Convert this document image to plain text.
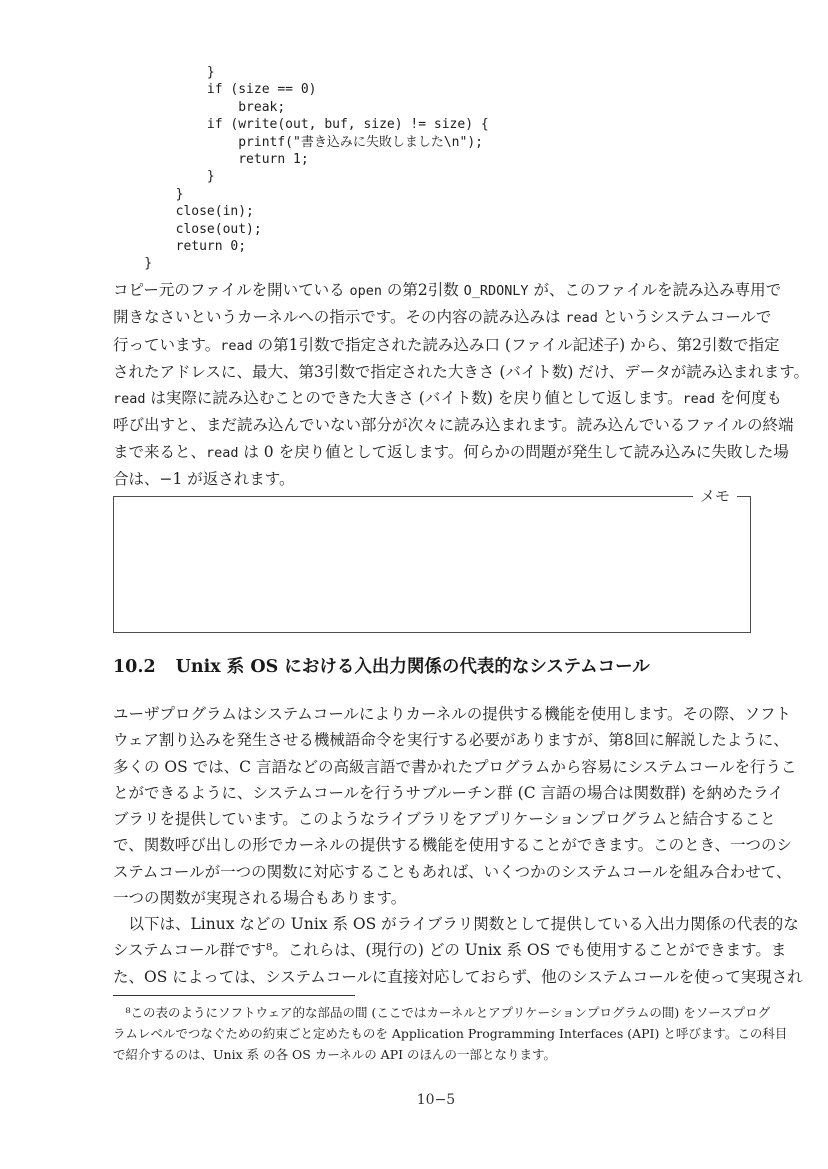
}
if (size == 0)
break;
if (write(out, buf, size) != size) {
printf("書き込みに失敗しました\n");
return 1;
}
}
close(in);
close(out);
return 0;
}
コピー元のファイルを開いている open の第2引数 O_RDONLY が、このファイルを読み込み専用で
開きなさいというカーネルへの指示です。その内容の読み込みは read というシステムコールで
行っています。read の第1引数で指定された読み込み口 (ファイル記述子) から、第2引数で指定
されたアドレスに、最大、第3引数で指定された大きさ (バイト数) だけ、データが読み込まれます。
read は実際に読み込むことのできた大きさ (バイト数) を戻り値として返します。read を何度も
呼び出すと、まだ読み込んでいない部分が次々に読み込まれます。読み込んでいるファイルの終端
まで来ると、read は 0 を戻り値として返します。何らかの問題が発生して読み込みに失敗した場
合は、−1 が返されます。
メモ
10.2 Unix 系 OS における入出力関係の代表的なシステムコール
ユーザプログラムはシステムコールによりカーネルの提供する機能を使用します。その際、ソフト
ウェア割り込みを発生させる機械語命令を実行する必要がありますが、第8回に解説したように、
多くの OS では、C 言語などの高級言語で書かれたプログラムから容易にシステムコールを行うこ
とができるように、システムコールを行うサブルーチン群 (C 言語の場合は関数群) を納めたライ
ブラリを提供しています。このようなライブラリをアプリケーションプログラムと結合すること
で、関数呼び出しの形でカーネルの提供する機能を使用することができます。このとき、一つのシ
ステムコールが一つの関数に対応することもあれば、いくつかのシステムコールを組み合わせて、
一つの関数が実現される場合もあります。
　以下は、Linux などの Unix 系 OS がライブラリ関数として提供している入出力関係の代表的な
システムコール群です⁸。これらは、(現行の) どの Unix 系 OS でも使用することができます。ま
た、OS によっては、システムコールに直接対応しておらず、他のシステムコールを使って実現され
　⁸この表のようにソフトウェア的な部品の間 (ここではカーネルとアプリケーションプログラムの間) をソースプログ
ラムレベルでつなぐための約束ごと定めたものを Application Programming Interfaces (API) と呼びます。この科目
で紹介するのは、Unix 系 の各 OS カーネルの API のほんの一部となります。
10−5
